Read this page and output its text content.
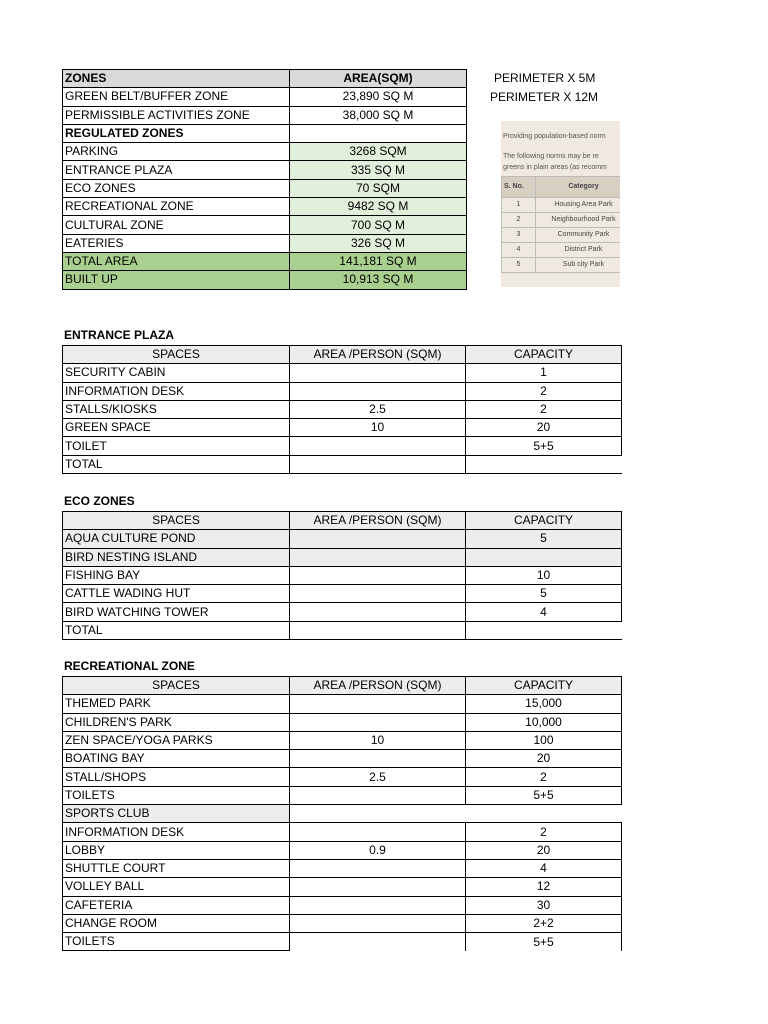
ZONES	AREA(SQM)
GREEN BELT/BUFFER ZONE	23,890 SQ M
PERMISSIBLE ACTIVITIES ZONE	38,000 SQ M
REGULATED ZONES	
PARKING	3268 SQM
ENTRANCE PLAZA	335 SQ M
ECO ZONES	70 SQM
RECREATIONAL ZONE	9482 SQ M
CULTURAL ZONE	700 SQ M
EATERIES	326 SQ M
TOTAL AREA	141,181 SQ M
BUILT UP	10,913 SQ M
PERIMETER X 5M
PERIMETER X 12M
Providing population-based norm
The following norms may be re
greens in plain areas (as recomm
S. No.	Category
1	Housing Area Park
2	Neighbourhood Park
3	Community Park
4	District Park
5	Sub city Park
ENTRANCE PLAZA
SPACES	AREA /PERSON (SQM)	CAPACITY
SECURITY CABIN		1
INFORMATION DESK		2
STALLS/KIOSKS	2.5	2
GREEN SPACE	10	20
TOILET		5+5
TOTAL		
ECO ZONES
SPACES	AREA /PERSON (SQM)	CAPACITY
AQUA CULTURE POND		5
BIRD NESTING ISLAND		
FISHING BAY		10
CATTLE WADING HUT		5
BIRD WATCHING TOWER		4
TOTAL		
RECREATIONAL ZONE
SPACES	AREA /PERSON (SQM)	CAPACITY
THEMED PARK		15,000
CHILDREN'S PARK		10,000
ZEN SPACE/YOGA PARKS	10	100
BOATING BAY		20
STALL/SHOPS	2.5	2
TOILETS		5+5
SPORTS CLUB		
INFORMATION DESK		2
LOBBY	0.9	20
SHUTTLE COURT		4
VOLLEY BALL		12
CAFETERIA		30
CHANGE ROOM		2+2
TOILETS		5+5
